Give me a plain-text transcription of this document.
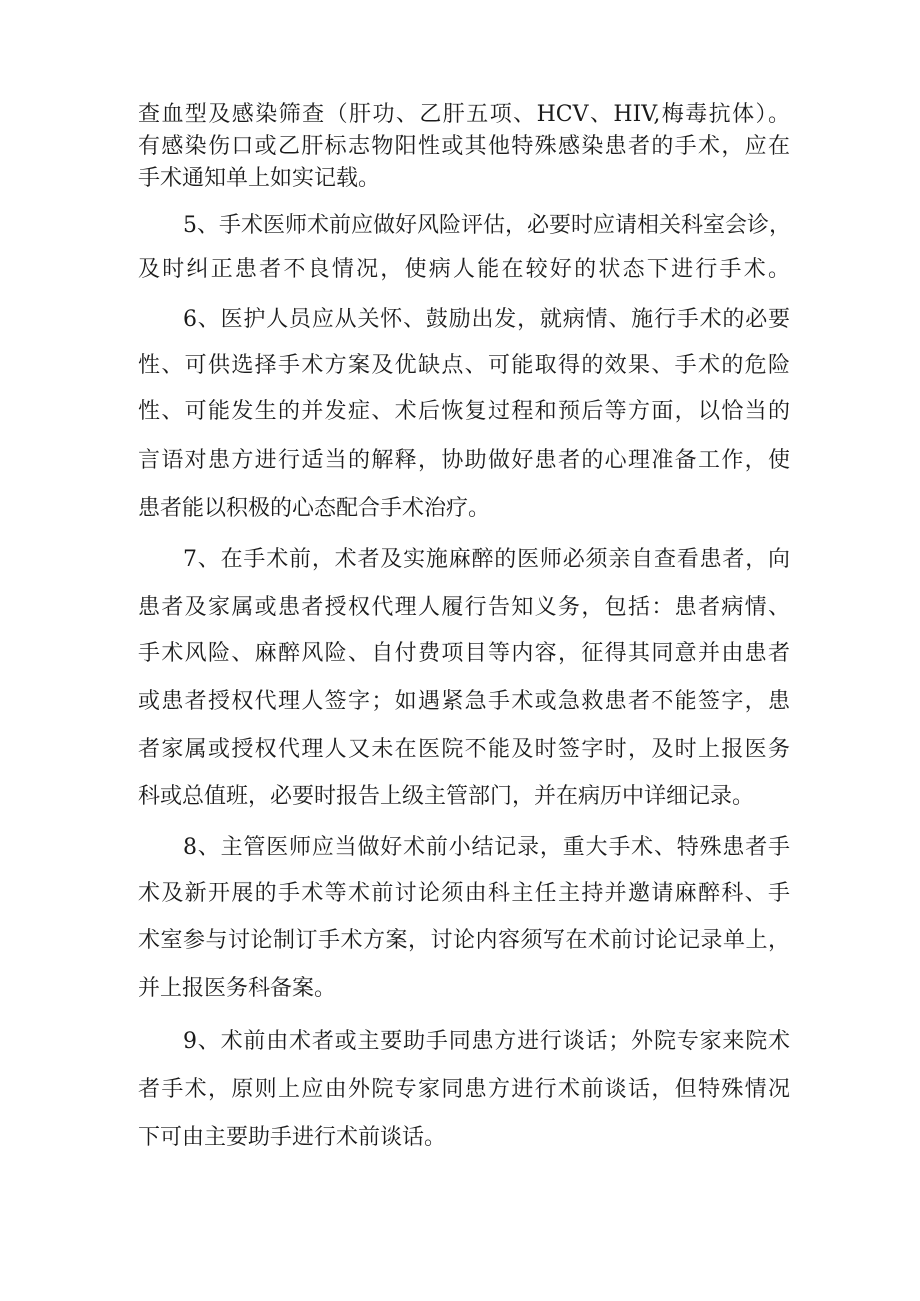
查血型及感染筛查（肝功、乙肝五项、HCV、HIV,梅毒抗体）。
有感染伤口或乙肝标志物阳性或其他特殊感染患者的手术，应在
手术通知单上如实记载。
5、手术医师术前应做好风险评估，必要时应请相关科室会诊，
及时纠正患者不良情况，使病人能在较好的状态下进行手术。
6、医护人员应从关怀、鼓励出发，就病情、施行手术的必要
性、可供选择手术方案及优缺点、可能取得的效果、手术的危险
性、可能发生的并发症、术后恢复过程和预后等方面，以恰当的
言语对患方进行适当的解释，协助做好患者的心理准备工作，使
患者能以积极的心态配合手术治疗。
7、在手术前，术者及实施麻醉的医师必须亲自查看患者，向
患者及家属或患者授权代理人履行告知义务，包括：患者病情、
手术风险、麻醉风险、自付费项目等内容，征得其同意并由患者
或患者授权代理人签字；如遇紧急手术或急救患者不能签字，患
者家属或授权代理人又未在医院不能及时签字时，及时上报医务
科或总值班，必要时报告上级主管部门，并在病历中详细记录。
8、主管医师应当做好术前小结记录，重大手术、特殊患者手
术及新开展的手术等术前讨论须由科主任主持并邀请麻醉科、手
术室参与讨论制订手术方案，讨论内容须写在术前讨论记录单上，
并上报医务科备案。
9、术前由术者或主要助手同患方进行谈话；外院专家来院术
者手术，原则上应由外院专家同患方进行术前谈话，但特殊情况
下可由主要助手进行术前谈话。
